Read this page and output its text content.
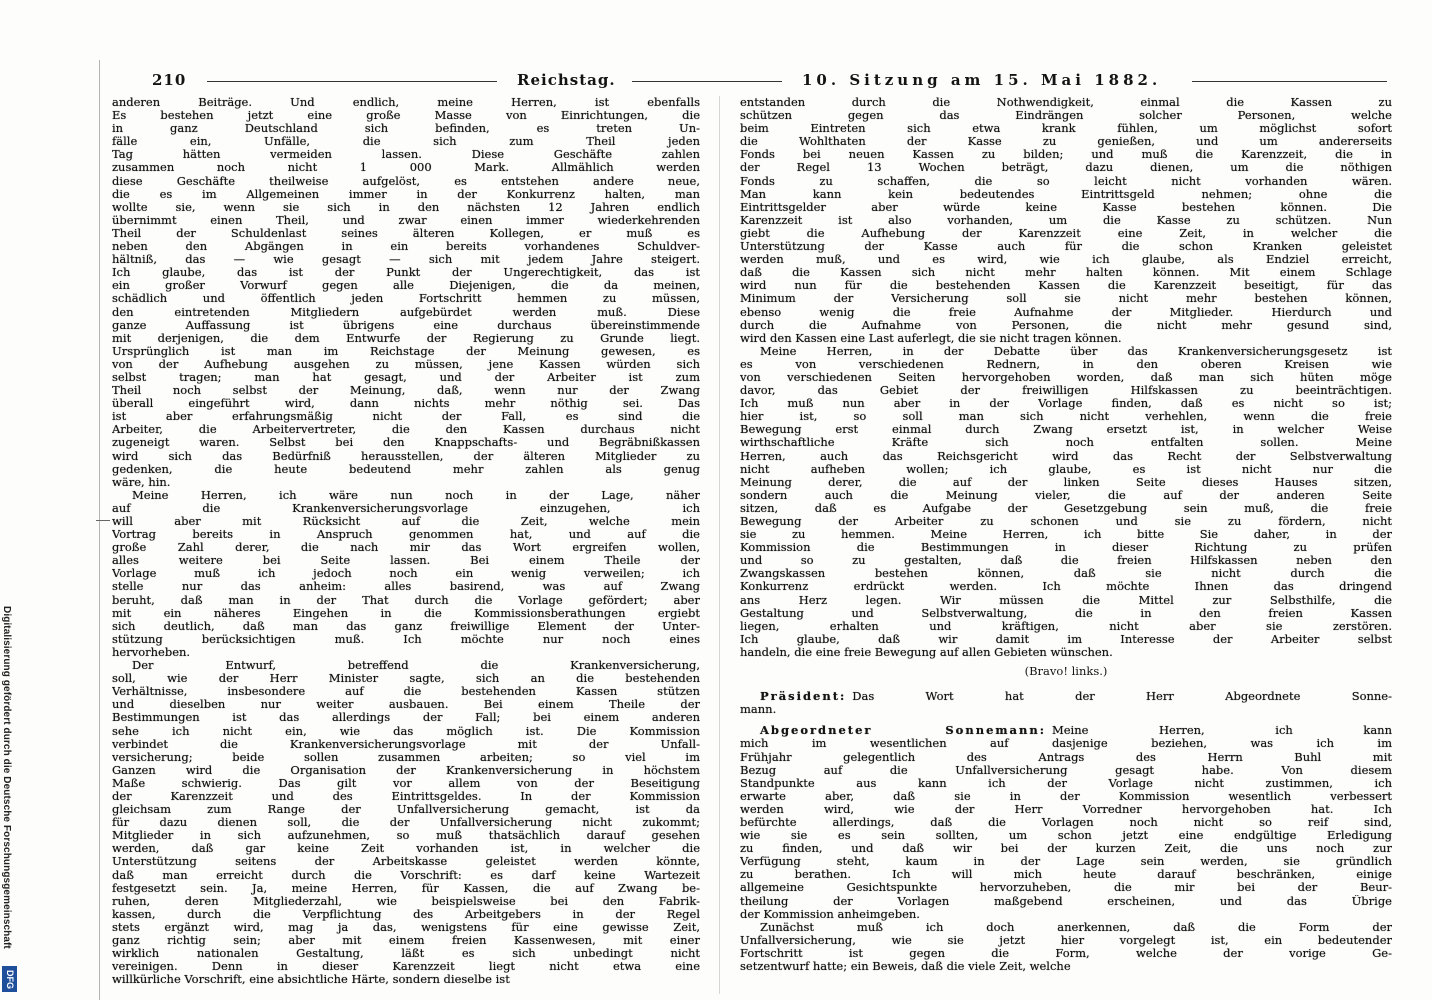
Digitalisierung gefördert durch die Deutsche Forschungsgemeinschaft
DFG
210	Reichstag.	10. Sitzung am 15. Mai 1882.
anderen Beiträge. Und endlich, meine Herren, ist ebenfalls
Es bestehen jetzt eine große Masse von Einrichtungen, die
in ganz Deutschland sich befinden, es treten Un-
fälle ein, Unfälle, die sich zum Theil jeden
Tag hätten vermeiden lassen. Diese Geschäfte zahlen
zusammen noch nicht 1 000 Mark. Allmählich werden
diese Geschäfte theilweise aufgelöst, es entstehen andere neue,
die es im Allgemeinen immer in der Konkurrenz halten, man
wollte sie, wenn sie sich in den nächsten 12 Jahren endlich
übernimmt einen Theil, und zwar einen immer wiederkehrenden
Theil der Schuldenlast seines älteren Kollegen, er muß es
neben den Abgängen in ein bereits vorhandenes Schuldver-
hältniß, das — wie gesagt — sich mit jedem Jahre steigert.
Ich glaube, das ist der Punkt der Ungerechtigkeit, das ist
ein großer Vorwurf gegen alle Diejenigen, die da meinen,
schädlich und öffentlich jeden Fortschritt hemmen zu müssen,
den eintretenden Mitgliedern aufgebürdet werden muß. Diese
ganze Auffassung ist übrigens eine durchaus übereinstimmende
mit derjenigen, die dem Entwurfe der Regierung zu Grunde liegt.
Ursprünglich ist man im Reichstage der Meinung gewesen, es
von der Aufhebung ausgehen zu müssen, jene Kassen würden sich
selbst tragen; man hat gesagt, und der Arbeiter ist zum
Theil noch selbst der Meinung, daß, wenn nur der Zwang
überall eingeführt wird, dann nichts mehr nöthig sei. Das
ist aber erfahrungsmäßig nicht der Fall, es sind die
Arbeiter, die Arbeitervertreter, die den Kassen durchaus nicht
zugeneigt waren. Selbst bei den Knappschafts- und Begräbnißkassen
wird sich das Bedürfniß herausstellen, der älteren Mitglieder zu
gedenken, die heute bedeutend mehr zahlen als genug
wäre, hin.
Meine Herren, ich wäre nun noch in der Lage, näher
auf die Krankenversicherungsvorlage einzugehen, ich
will aber mit Rücksicht auf die Zeit, welche mein
Vortrag bereits in Anspruch genommen hat, und auf die
große Zahl derer, die nach mir das Wort ergreifen wollen,
alles weitere bei Seite lassen. Bei einem Theile der
Vorlage muß ich jedoch noch ein wenig verweilen; ich
stelle nur das anheim: alles basirend, was auf Zwang
beruht, daß man in der That durch die Vorlage gefördert; aber
mit ein näheres Eingehen in die Kommissionsberathungen ergiebt
sich deutlich, daß man das ganz freiwillige Element der Unter-
stützung berücksichtigen muß. Ich möchte nur noch eines
hervorheben.
Der Entwurf, betreffend die Krankenversicherung,
soll, wie der Herr Minister sagte, sich an die bestehenden
Verhältnisse, insbesondere auf die bestehenden Kassen stützen
und dieselben nur weiter ausbauen. Bei einem Theile der
Bestimmungen ist das allerdings der Fall; bei einem anderen
sehe ich nicht ein, wie das möglich ist. Die Kommission
verbindet die Krankenversicherungsvorlage mit der Unfall-
versicherung; beide sollen zusammen arbeiten; so viel im
Ganzen wird die Organisation der Krankenversicherung in höchstem
Maße schwierig. Das gilt vor allem von der Beseitigung
der Karenzzeit und des Eintrittsgeldes. In der Kommission
gleichsam zum Range der Unfallversicherung gemacht, ist da
für dazu dienen soll, die der Unfallversicherung nicht zukommt;
Mitglieder in sich aufzunehmen, so muß thatsächlich darauf gesehen
werden, daß gar keine Zeit vorhanden ist, in welcher die
Unterstützung seitens der Arbeitskasse geleistet werden könnte,
daß man erreicht durch die Vorschrift: es darf keine Wartezeit
festgesetzt sein. Ja, meine Herren, für Kassen, die auf Zwang be-
ruhen, deren Mitgliederzahl, wie beispielsweise bei den Fabrik-
kassen, durch die Verpflichtung des Arbeitgebers in der Regel
stets ergänzt wird, mag ja das, wenigstens für eine gewisse Zeit,
ganz richtig sein; aber mit einem freien Kassenwesen, mit einer
wirklich nationalen Gestaltung, läßt es sich unbedingt nicht
vereinigen. Denn in dieser Karenzzeit liegt nicht etwa eine
willkürliche Vorschrift, eine absichtliche Härte, sondern dieselbe ist
entstanden durch die Nothwendigkeit, einmal die Kassen zu
schützen gegen das Eindrängen solcher Personen, welche
beim Eintreten sich etwa krank fühlen, um möglichst sofort
die Wohlthaten der Kasse zu genießen, und um andererseits
Fonds bei neuen Kassen zu bilden; und muß die Karenzzeit, die in
der Regel 13 Wochen beträgt, dazu dienen, um die nöthigen
Fonds zu schaffen, die so leicht nicht vorhanden wären.
Man kann kein bedeutendes Eintrittsgeld nehmen; ohne die
Eintrittsgelder aber würde keine Kasse bestehen können. Die
Karenzzeit ist also vorhanden, um die Kasse zu schützen. Nun
giebt die Aufhebung der Karenzzeit eine Zeit, in welcher die
Unterstützung der Kasse auch für die schon Kranken geleistet
werden muß, und es wird, wie ich glaube, als Endziel erreicht,
daß die Kassen sich nicht mehr halten können. Mit einem Schlage
wird nun für die bestehenden Kassen die Karenzzeit beseitigt, für das
Minimum der Versicherung soll sie nicht mehr bestehen können,
ebenso wenig die freie Aufnahme der Mitglieder. Hierdurch und
durch die Aufnahme von Personen, die nicht mehr gesund sind,
wird den Kassen eine Last auferlegt, die sie nicht tragen können.
Meine Herren, in der Debatte über das Krankenversicherungsgesetz ist
es von verschiedenen Rednern, in den oberen Kreisen wie
von verschiedenen Seiten hervorgehoben worden, daß man sich hüten möge
davor, das Gebiet der freiwilligen Hilfskassen zu beeinträchtigen.
Ich muß nun aber in der Vorlage finden, daß es nicht so ist;
hier ist, so soll man sich nicht verhehlen, wenn die freie
Bewegung erst einmal durch Zwang ersetzt ist, in welcher Weise
wirthschaftliche Kräfte sich noch entfalten sollen. Meine
Herren, auch das Reichsgericht wird das Recht der Selbstverwaltung
nicht aufheben wollen; ich glaube, es ist nicht nur die
Meinung derer, die auf der linken Seite dieses Hauses sitzen,
sondern auch die Meinung vieler, die auf der anderen Seite
sitzen, daß es Aufgabe der Gesetzgebung sein muß, die freie
Bewegung der Arbeiter zu schonen und sie zu fördern, nicht
sie zu hemmen. Meine Herren, ich bitte Sie daher, in der
Kommission die Bestimmungen in dieser Richtung zu prüfen
und so zu gestalten, daß die freien Hilfskassen neben den
Zwangskassen bestehen können, daß sie nicht durch die
Konkurrenz erdrückt werden. Ich möchte Ihnen das dringend
ans Herz legen. Wir müssen die Mittel zur Selbsthilfe, die
Gestaltung und Selbstverwaltung, die in den freien Kassen
liegen, erhalten und kräftigen, nicht aber sie zerstören.
Ich glaube, daß wir damit im Interesse der Arbeiter selbst
handeln, die eine freie Bewegung auf allen Gebieten wünschen.
(Bravo! links.)
Präsident: Das Wort hat der Herr Abgeordnete Sonne-
mann.
Abgeordneter Sonnemann: Meine Herren, ich kann
mich im wesentlichen auf dasjenige beziehen, was ich im
Frühjahr gelegentlich des Antrags des Herrn Buhl mit
Bezug auf die Unfallversicherung gesagt habe. Von diesem
Standpunkte aus kann ich der Vorlage nicht zustimmen, ich
erwarte aber, daß sie in der Kommission wesentlich verbessert
werden wird, wie der Herr Vorredner hervorgehoben hat. Ich
befürchte allerdings, daß die Vorlagen noch nicht so reif sind,
wie sie es sein sollten, um schon jetzt eine endgültige Erledigung
zu finden, und daß wir bei der kurzen Zeit, die uns noch zur
Verfügung steht, kaum in der Lage sein werden, sie gründlich
zu berathen. Ich will mich heute darauf beschränken, einige
allgemeine Gesichtspunkte hervorzuheben, die mir bei der Beur-
theilung der Vorlagen maßgebend erscheinen, und das Übrige
der Kommission anheimgeben.
Zunächst muß ich doch anerkennen, daß die Form der
Unfallversicherung, wie sie jetzt hier vorgelegt ist, ein bedeutender
Fortschritt ist gegen die Form, welche der vorige Ge-
setzentwurf hatte; ein Beweis, daß die viele Zeit, welche
